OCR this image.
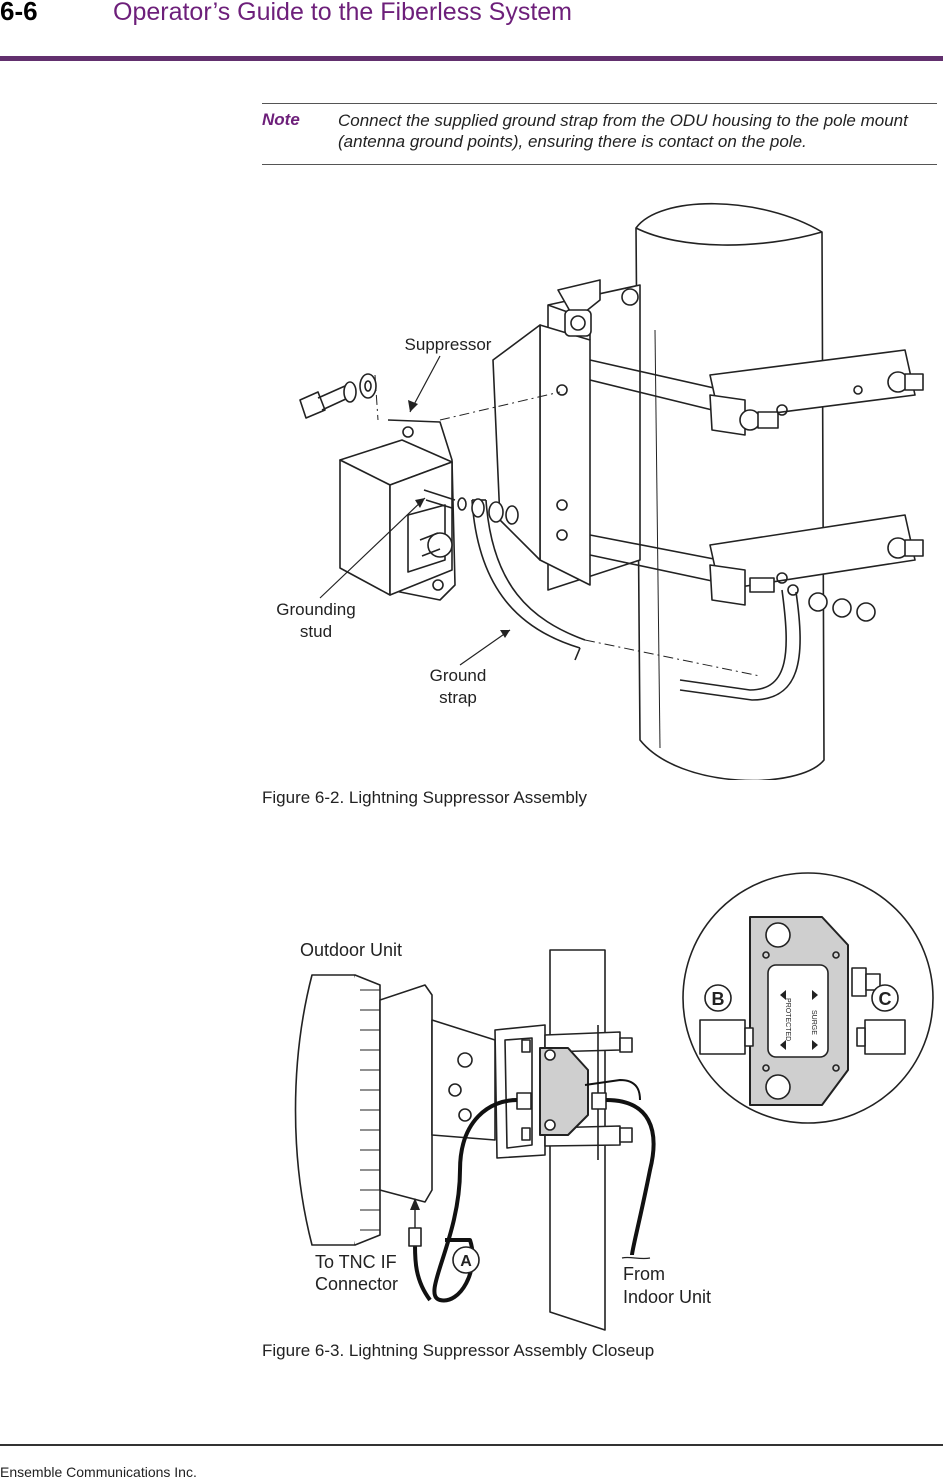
6-6	Operator’s Guide to the Fiberless System
Note Connect the supplied ground strap from the ODU housing to the pole mount (antenna ground points), ensuring there is contact on the pole.
Suppressor
Grounding
stud
Ground
strap
Figure 6-2. Lightning Suppressor Assembly
Outdoor Unit
To TNC IF
Connector	From
Indoor Unit
A
B	C
SURGE
PROTECTED
Figure 6-3. Lightning Suppressor Assembly Closeup
Ensemble Communications Inc.
